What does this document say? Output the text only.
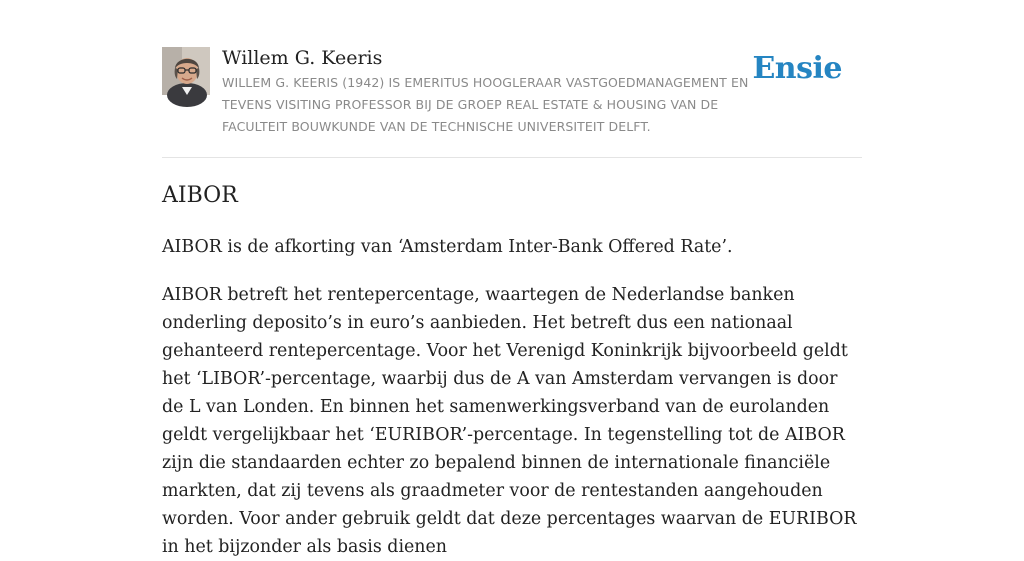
Willem G. Keeris
WILLEM G. KEERIS (1942) IS EMERITUS HOOGLERAAR VASTGOEDMANAGEMENT EN TEVENS VISITING PROFESSOR BIJ DE GROEP REAL ESTATE & HOUSING VAN DE FACULTEIT BOUWKUNDE VAN DE TECHNISCHE UNIVERSITEIT DELFT.
Ensie
AIBOR

AIBOR is de afkorting van ‘Amsterdam Inter-Bank Offered Rate’.

AIBOR betreft het rentepercentage, waartegen de Nederlandse banken onderling deposito’s in euro’s aanbieden. Het betreft dus een nationaal gehanteerd rentepercentage. Voor het Verenigd Koninkrijk bijvoorbeeld geldt het ‘LIBOR’-percentage, waarbij dus de A van Amsterdam vervangen is door de L van Londen. En binnen het samenwerkingsverband van de eurolanden geldt vergelijkbaar het ‘EURIBOR’-percentage. In tegenstelling tot de AIBOR zijn die standaarden echter zo bepalend binnen de internationale financiële markten, dat zij tevens als graadmeter voor de rentestanden aangehouden worden. Voor ander gebruik geldt dat deze percentages waarvan de EURIBOR in het bijzonder als basis dienen
